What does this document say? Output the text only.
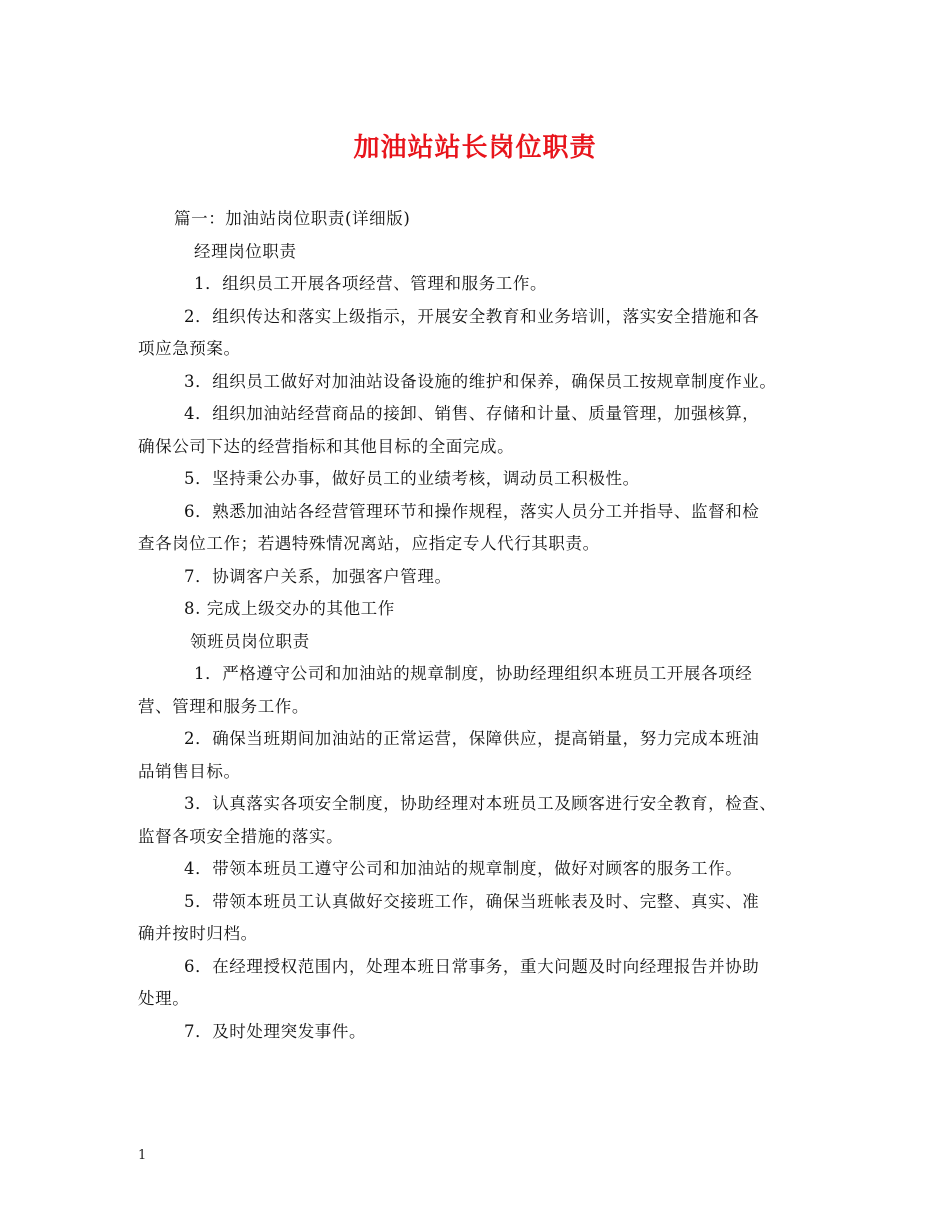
加油站站长岗位职责
篇一：加油站岗位职责(详细版)
经理岗位职责
1．组织员工开展各项经营、管理和服务工作。
2．组织传达和落实上级指示，开展安全教育和业务培训，落实安全措施和各
项应急预案。
3．组织员工做好对加油站设备设施的维护和保养，确保员工按规章制度作业。
4．组织加油站经营商品的接卸、销售、存储和计量、质量管理，加强核算，
确保公司下达的经营指标和其他目标的全面完成。
5．坚持秉公办事，做好员工的业绩考核，调动员工积极性。
6．熟悉加油站各经营管理环节和操作规程，落实人员分工并指导、监督和检
查各岗位工作；若遇特殊情况离站，应指定专人代行其职责。
7．协调客户关系，加强客户管理。
8. 完成上级交办的其他工作
领班员岗位职责
1．严格遵守公司和加油站的规章制度，协助经理组织本班员工开展各项经
营、管理和服务工作。
2．确保当班期间加油站的正常运营，保障供应，提高销量，努力完成本班油
品销售目标。
3．认真落实各项安全制度，协助经理对本班员工及顾客进行安全教育，检查、
监督各项安全措施的落实。
4．带领本班员工遵守公司和加油站的规章制度，做好对顾客的服务工作。
5．带领本班员工认真做好交接班工作，确保当班帐表及时、完整、真实、准
确并按时归档。
6．在经理授权范围内，处理本班日常事务，重大问题及时向经理报告并协助
处理。
7．及时处理突发事件。
1
